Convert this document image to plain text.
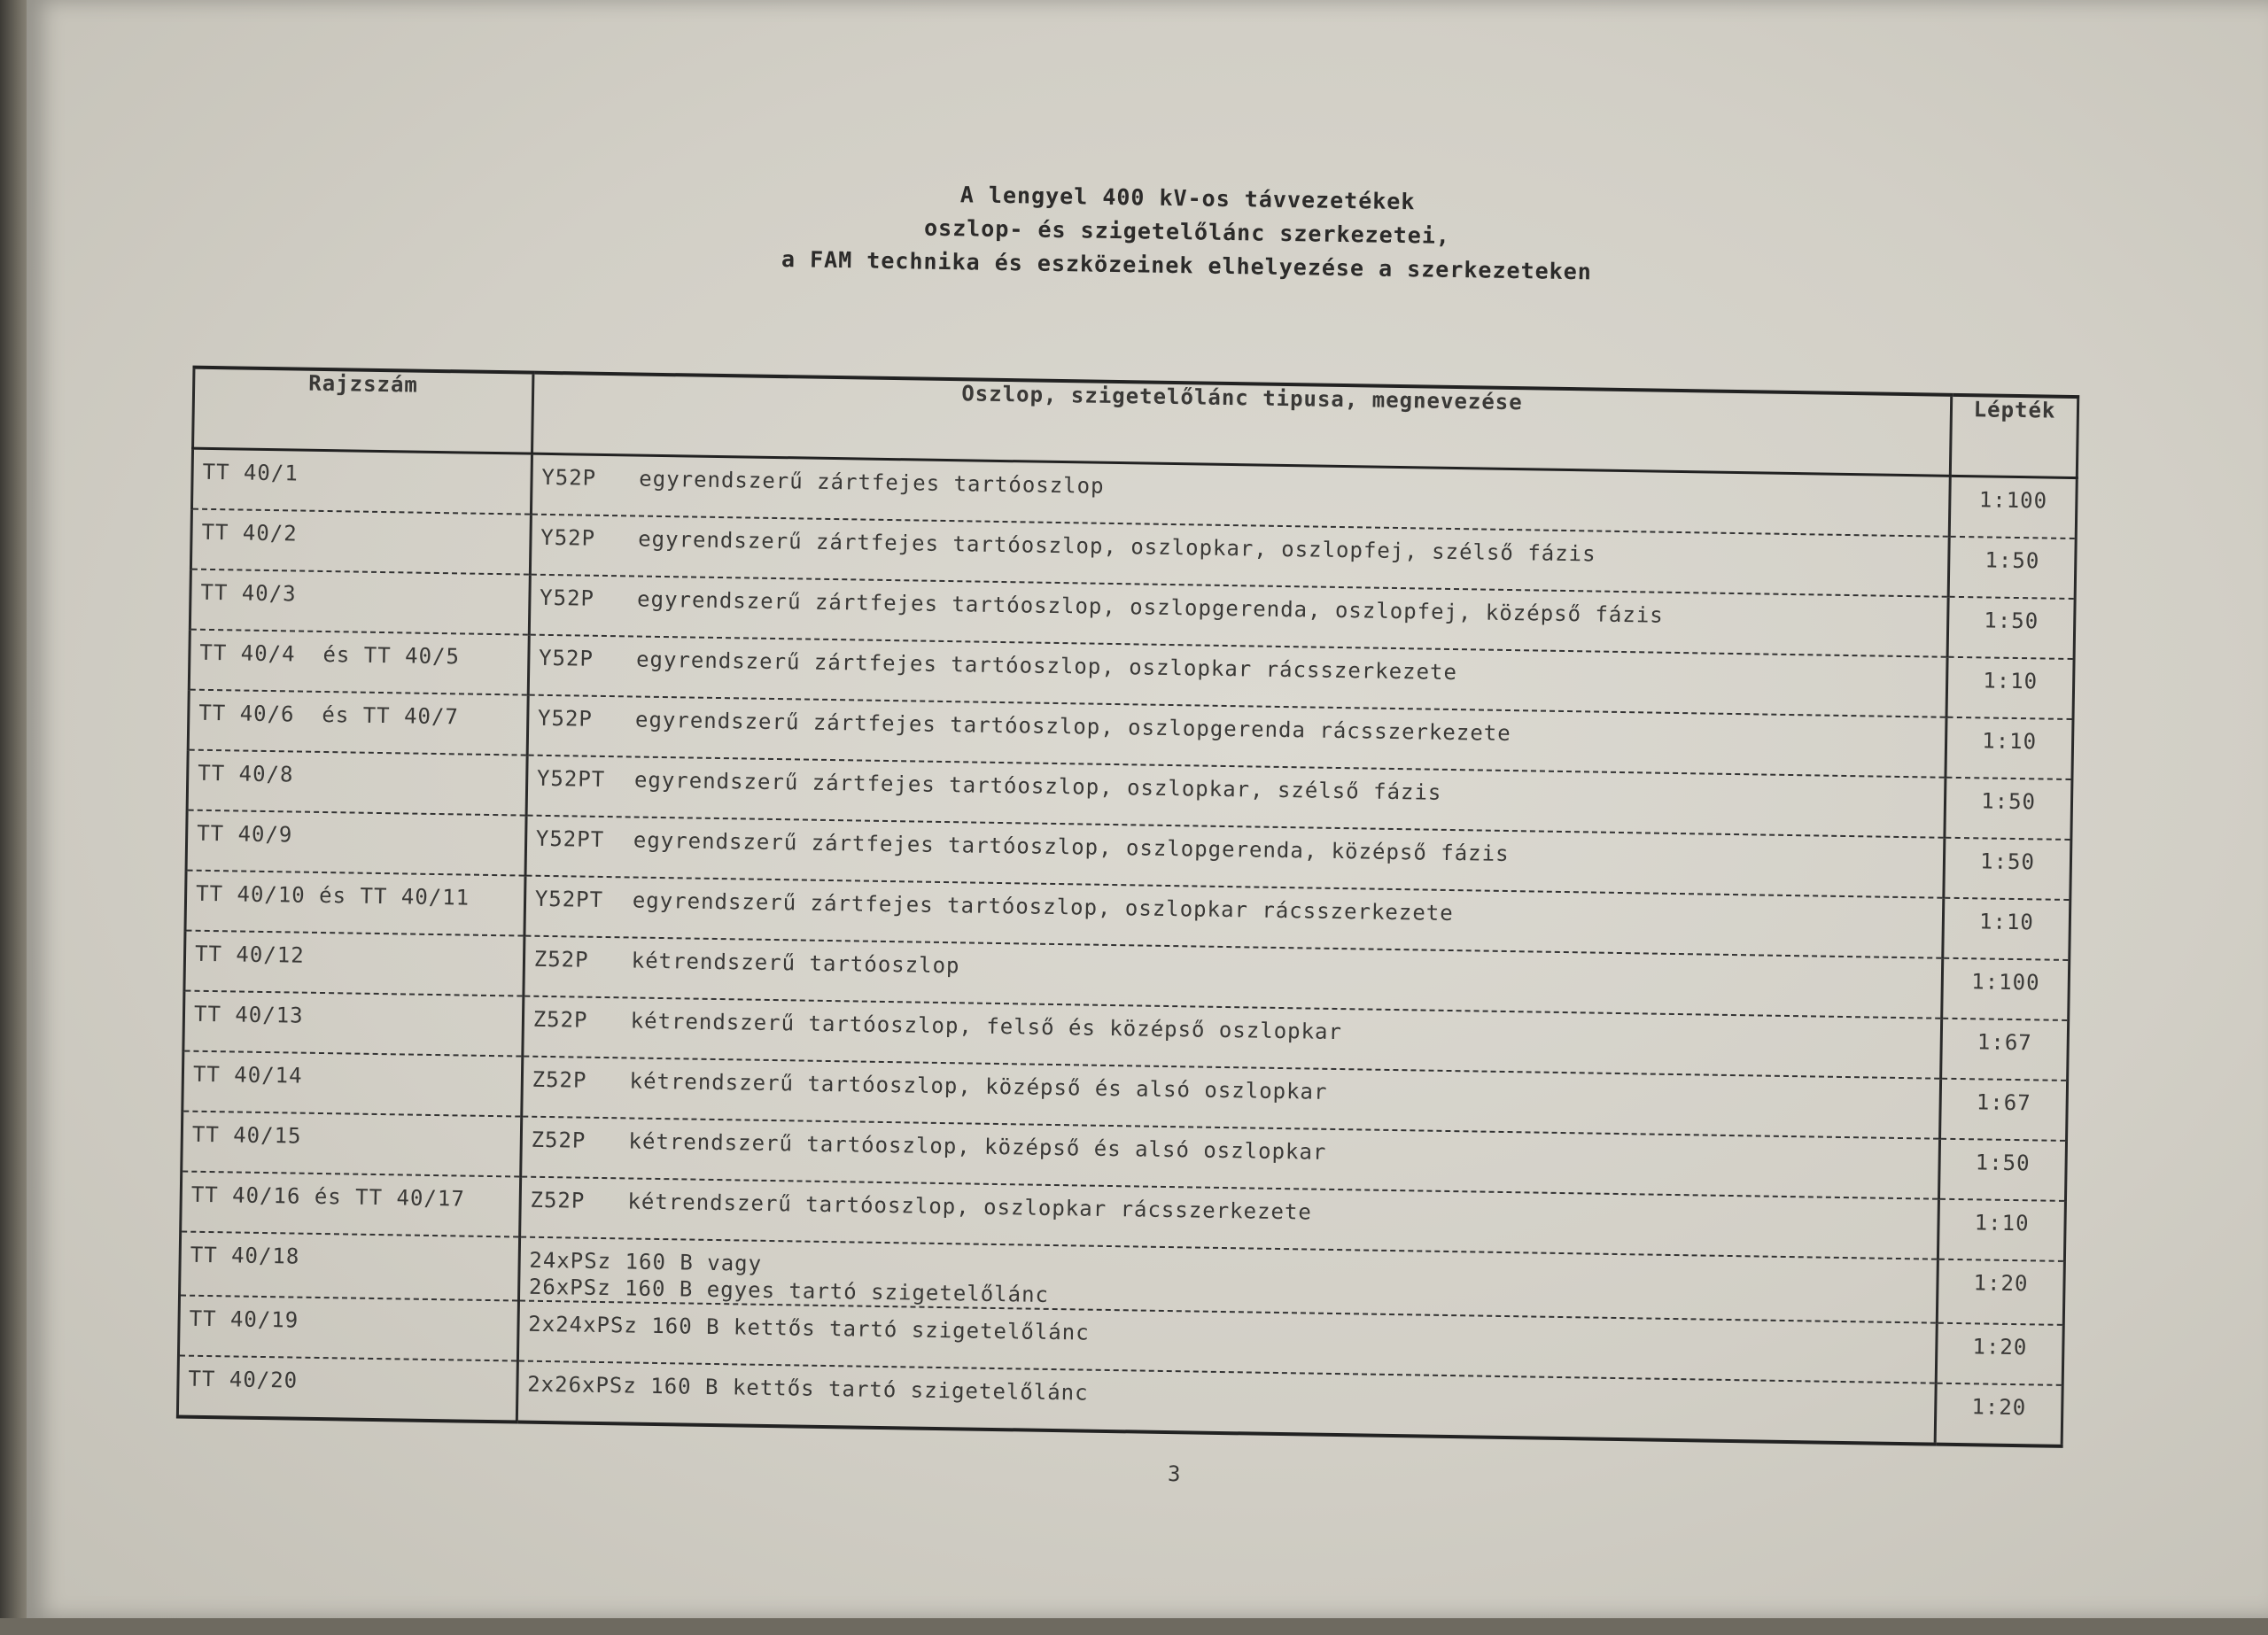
A lengyel 400 kV-os távvezetékek
oszlop- és szigetelőlánc szerkezetei,
a FAM technika és eszközeinek elhelyezése a szerkezeteken
Rajzszám	Oszlop, szigetelőlánc tipusa, megnevezése	Lépték
TT 40/1	Y52P egyrendszerű zártfejes tartóoszlop	1:100
TT 40/2	Y52P egyrendszerű zártfejes tartóoszlop, oszlopkar, oszlopfej, szélső fázis	1:50
TT 40/3	Y52P egyrendszerű zártfejes tartóoszlop, oszlopgerenda, oszlopfej, középső fázis	1:50
TT 40/4  és TT 40/5	Y52P egyrendszerű zártfejes tartóoszlop, oszlopkar rácsszerkezete	1:10
TT 40/6  és TT 40/7	Y52P egyrendszerű zártfejes tartóoszlop, oszlopgerenda rácsszerkezete	1:10
TT 40/8	Y52PT egyrendszerű zártfejes tartóoszlop, oszlopkar, szélső fázis	1:50
TT 40/9	Y52PT egyrendszerű zártfejes tartóoszlop, oszlopgerenda, középső fázis	1:50
TT 40/10 és TT 40/11	Y52PT egyrendszerű zártfejes tartóoszlop, oszlopkar rácsszerkezete	1:10
TT 40/12	Z52P kétrendszerű tartóoszlop	1:100
TT 40/13	Z52P kétrendszerű tartóoszlop, felső és középső oszlopkar	1:67
TT 40/14	Z52P kétrendszerű tartóoszlop, középső és alsó oszlopkar	1:67
TT 40/15	Z52P kétrendszerű tartóoszlop, középső és alsó oszlopkar	1:50
TT 40/16 és TT 40/17	Z52P kétrendszerű tartóoszlop, oszlopkar rácsszerkezete	1:10
TT 40/18	24xPSz 160 B vagy
26xPSz 160 B egyes tartó szigetelőlánc	1:20
TT 40/19	2x24xPSz 160 B kettős tartó szigetelőlánc	1:20
TT 40/20	2x26xPSz 160 B kettős tartó szigetelőlánc	1:20
3
